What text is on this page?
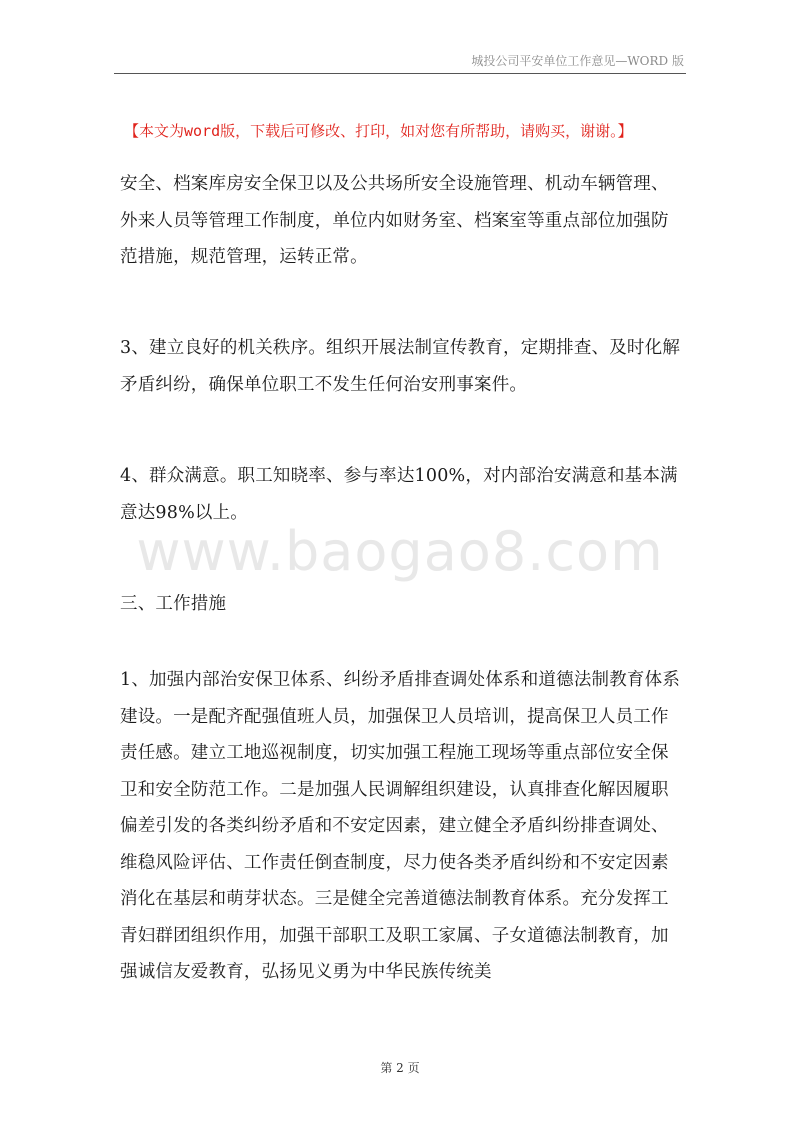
城投公司平安单位工作意见—WORD 版
【本文为word版，下载后可修改、打印，如对您有所帮助，请购买，谢谢。】

安全、档案库房安全保卫以及公共场所安全设施管理、机动车辆管理、外来人员等管理工作制度，单位内如财务室、档案室等重点部位加强防范措施，规范管理，运转正常。

3、建立良好的机关秩序。组织开展法制宣传教育，定期排查、及时化解矛盾纠纷，确保单位职工不发生任何治安刑事案件。

4、群众满意。职工知晓率、参与率达100%，对内部治安满意和基本满意达98%以上。

三、工作措施

1、加强内部治安保卫体系、纠纷矛盾排查调处体系和道德法制教育体系建设。一是配齐配强值班人员，加强保卫人员培训，提高保卫人员工作责任感。建立工地巡视制度，切实加强工程施工现场等重点部位安全保卫和安全防范工作。二是加强人民调解组织建设，认真排查化解因履职偏差引发的各类纠纷矛盾和不安定因素，建立健全矛盾纠纷排查调处、维稳风险评估、工作责任倒查制度，尽力使各类矛盾纠纷和不安定因素消化在基层和萌芽状态。三是健全完善道德法制教育体系。充分发挥工青妇群团组织作用，加强干部职工及职工家属、子女道德法制教育，加强诚信友爱教育，弘扬见义勇为中华民族传统美

www.baogao8.com
第 2 页
